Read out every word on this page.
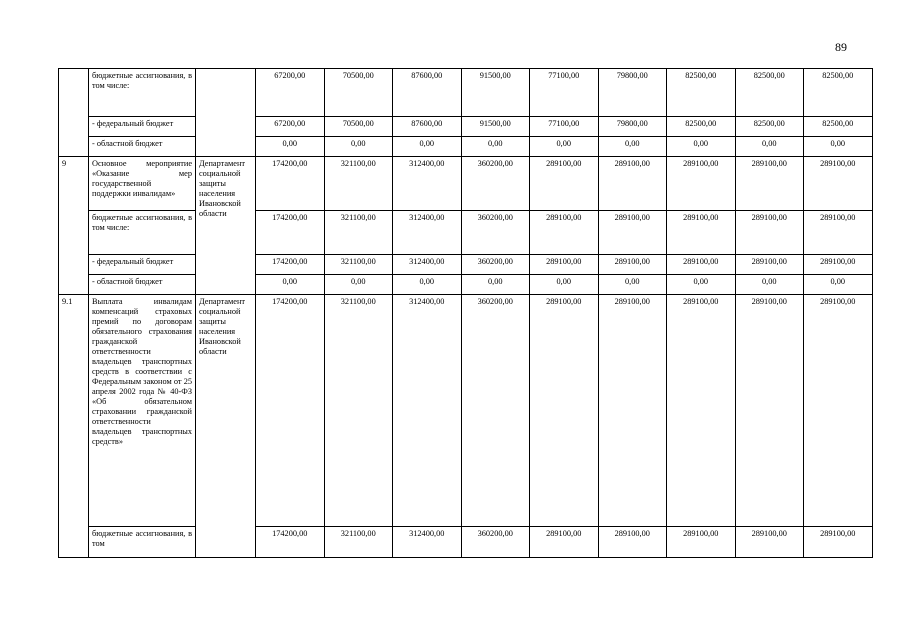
89
	бюджетные ассигнования, в том числе:		67200,00	70500,00	87600,00	91500,00	77100,00	79800,00	82500,00	82500,00	82500,00
	- федеральный бюджет		67200,00	70500,00	87600,00	91500,00	77100,00	79800,00	82500,00	82500,00	82500,00
	- областной бюджет		0,00	0,00	0,00	0,00	0,00	0,00	0,00	0,00	0,00
9	Основное мероприятие «Оказание мер государственной поддержки инвалидам»	Департамент социальной защиты населения Ивановской области	174200,00	321100,00	312400,00	360200,00	289100,00	289100,00	289100,00	289100,00	289100,00
	бюджетные ассигнования, в том числе:		174200,00	321100,00	312400,00	360200,00	289100,00	289100,00	289100,00	289100,00	289100,00
	- федеральный бюджет		174200,00	321100,00	312400,00	360200,00	289100,00	289100,00	289100,00	289100,00	289100,00
	- областной бюджет		0,00	0,00	0,00	0,00	0,00	0,00	0,00	0,00	0,00
9.1	Выплата инвалидам компенсаций страховых премий по договорам обязательного страхования гражданской ответственности владельцев транспортных средств в соответствии с Федеральным законом от 25 апреля 2002 года № 40-ФЗ «Об обязательном страховании гражданской ответственности владельцев транспортных средств»	Департамент социальной защиты населения Ивановской области	174200,00	321100,00	312400,00	360200,00	289100,00	289100,00	289100,00	289100,00	289100,00
	бюджетные ассигнования, в том		174200,00	321100,00	312400,00	360200,00	289100,00	289100,00	289100,00	289100,00	289100,00
